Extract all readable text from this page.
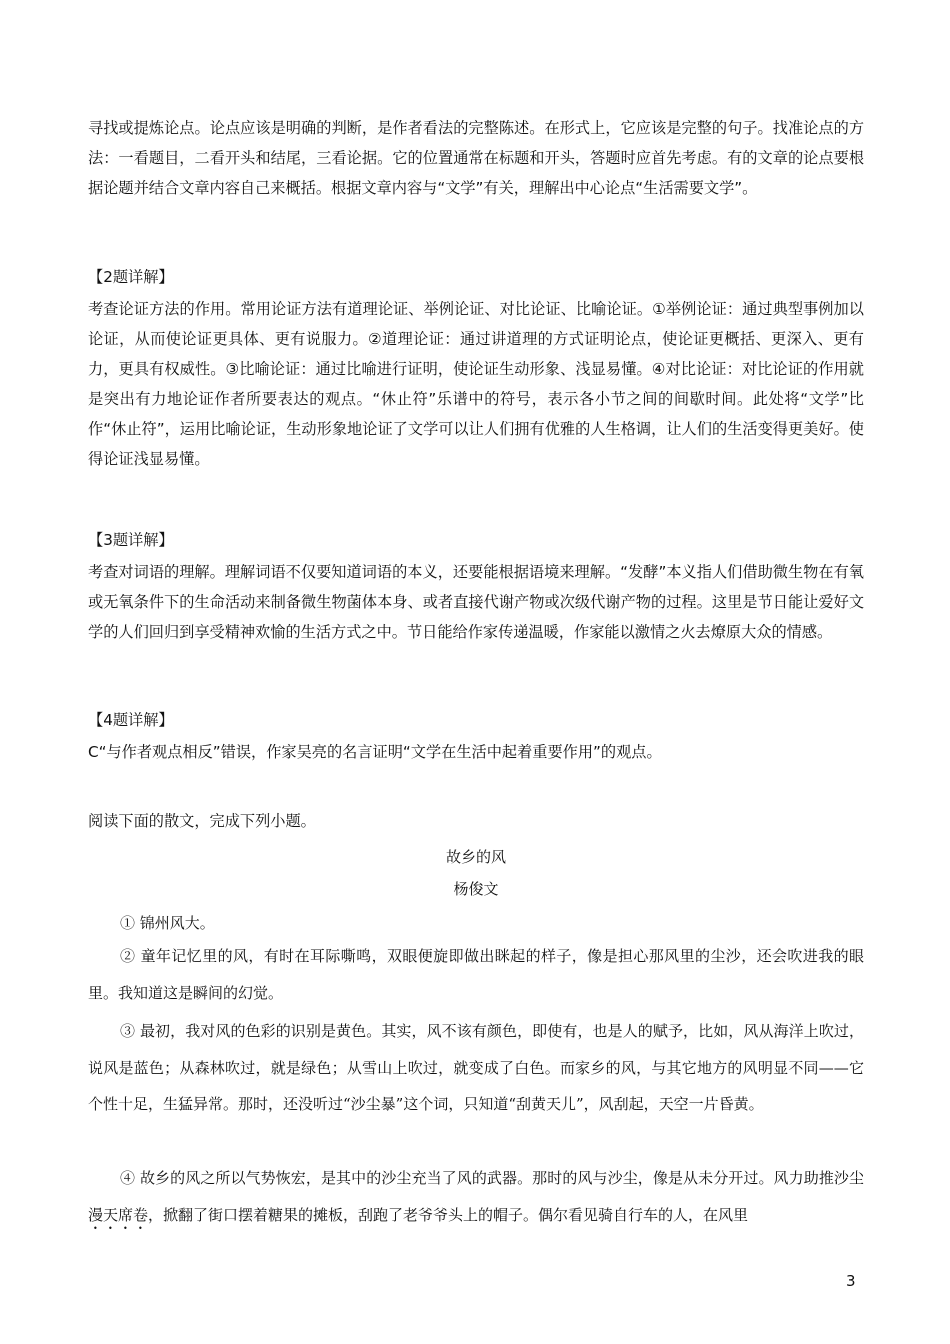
寻找或提炼论点。论点应该是明确的判断，是作者看法的完整陈述。在形式上，它应该是完整的句子。找准论点的方法：一看题目，二看开头和结尾，三看论据。它的位置通常在标题和开头，答题时应首先考虑。有的文章的论点要根据论题并结合文章内容自己来概括。根据文章内容与“文学”有关，理解出中心论点“生活需要文学”。

【2题详解】

考查论证方法的作用。常用论证方法有道理论证、举例论证、对比论证、比喻论证。①举例论证：通过典型事例加以论证，从而使论证更具体、更有说服力。②道理论证：通过讲道理的方式证明论点，使论证更概括、更深入、更有力，更具有权威性。③比喻论证：通过比喻进行证明，使论证生动形象、浅显易懂。④对比论证：对比论证的作用就是突出有力地论证作者所要表达的观点。“休止符”乐谱中的符号，表示各小节之间的间歇时间。此处将“文学”比作“休止符”，运用比喻论证，生动形象地论证了文学可以让人们拥有优雅的人生格调，让人们的生活变得更美好。使得论证浅显易懂。

【3题详解】

考查对词语的理解。理解词语不仅要知道词语的本义，还要能根据语境来理解。“发酵”本义指人们借助微生物在有氧或无氧条件下的生命活动来制备微生物菌体本身、或者直接代谢产物或次级代谢产物的过程。这里是节日能让爱好文学的人们回归到享受精神欢愉的生活方式之中。节日能给作家传递温暖，作家能以激情之火去燎原大众的情感。

【4题详解】

C“与作者观点相反”错误，作家吴亮的名言证明“文学在生活中起着重要作用”的观点。

阅读下面的散文，完成下列小题。

故乡的风

杨俊文

① 锦州风大。

② 童年记忆里的风，有时在耳际嘶鸣，双眼便旋即做出眯起的样子，像是担心那风里的尘沙，还会吹进我的眼里。我知道这是瞬间的幻觉。

③ 最初，我对风的色彩的识别是黄色。其实，风不该有颜色，即使有，也是人的赋予，比如，风从海洋上吹过，说风是蓝色；从森林吹过，就是绿色；从雪山上吹过，就变成了白色。而家乡的风，与其它地方的风明显不同——它个性十足，生猛异常。那时，还没听过“沙尘暴”这个词，只知道“刮黄天儿”，风刮起，天空一片昏黄。

④ 故乡的风之所以气势恢宏，是其中的沙尘充当了风的武器。那时的风与沙尘，像是从未分开过。风力助推沙尘漫天席卷，掀翻了街口摆着糖果的摊板，刮跑了老爷爷头上的帽子。偶尔看见骑自行车的人，在风里

3
